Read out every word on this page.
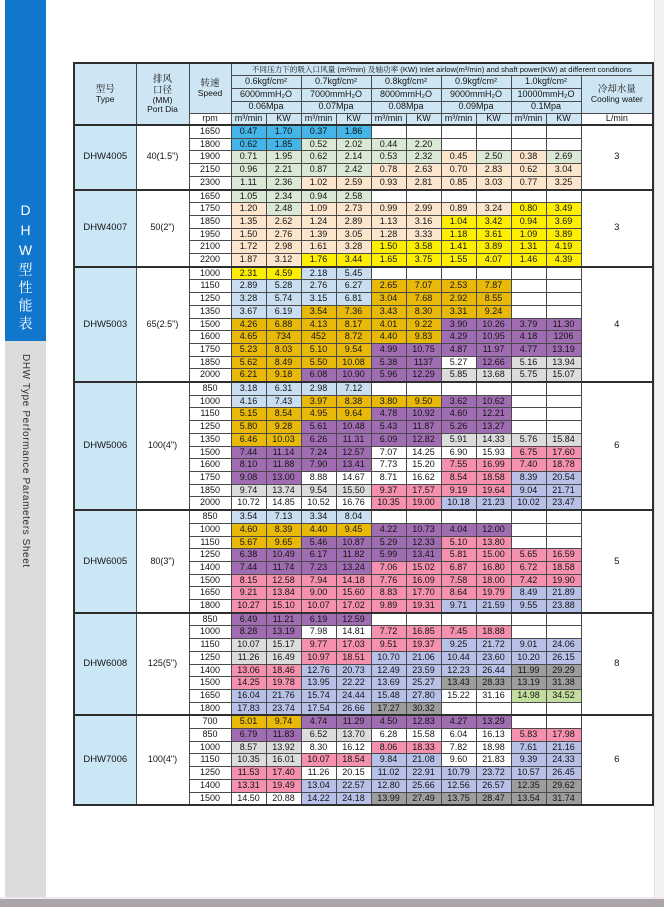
DHW型性能表
DHW Type Performance Parameters Sheet
型号
Type

排风
口径
(MM)
Port Dia

转速
Speed
	不同压力下的吸入口风量 (m³/min) 及轴功率 (KW) Inlet airlow(m³/min) and shaft power(KW) at different conditions
			0.6kgf/cm²		0.7kgf/cm²		0.8kgf/cm²		0.9kgf/cm²		1.0kgf/cm²		冷却水量
Cooling water

			6000mmH₂O		7000mmH₂O		8000mmH₂O		9000mmH₂O		10000mmH₂O		
			0.06Mpa		0.07Mpa		0.08Mpa		0.09Mpa		0.1Mpa		
		rpm	m³/min	KW	m³/min	KW	m³/min	KW	m³/min	KW	m³/min	KW	L/min
DHW4005	40(1.5")	1650	0.47	1.70	0.37	1.86							3
		1800	0.62	1.85	0.52	2.02	0.44	2.20					
		1900	0.71	1.95	0.62	2.14	0.53	2.32	0.45	2.50	0.38	2.69	
		2150	0.96	2.21	0.87	2.42	0.78	2.63	0.70	2.83	0.62	3.04	
		2300	1.11	2.36	1.02	2.59	0.93	2.81	0.85	3.03	0.77	3.25	
DHW4007	50(2")	1650	1.05	2.34	0.94	2.58							3
		1750	1.20	2.48	1.09	2.73	0.99	2.99	0.89	3.24	0.80	3.49	
		1850	1.35	2.62	1.24	2.89	1.13	3.16	1.04	3.42	0.94	3.69	
		1950	1.50	2.76	1.39	3.05	1.28	3.33	1.18	3.61	1.09	3.89	
		2100	1.72	2.98	1.61	3.28	1.50	3.58	1.41	3.89	1.31	4.19	
		2200	1.87	3.12	1.76	3.44	1.65	3.75	1.55	4.07	1.46	4.39	
DHW5003	65(2.5")	1000	2.31	4.59	2.18	5.45							4
		1150	2.89	5.28	2.76	6.27	2.65	7.07	2.53	7.87			
		1250	3.28	5.74	3.15	6.81	3.04	7.68	2.92	8.55			
		1350	3.67	6.19	3.54	7.36	3.43	8.30	3.31	9.24			
		1500	4.26	6.88	4.13	8.17	4.01	9.22	3.90	10.26	3.79	11.30	
		1600	4.65	734	452	8.72	4.40	9.83	4.29	10.95	4.18	1206	
		1750	5.23	8.03	5.10	9.54	4.99	10.75	4.87	11.97	4.77	13.19	
		1850	5.62	8.49	5.50	10.08	5.38	1137	5.27	12.66	5.16	13.94	
		2000	6.21	9.18	6.08	10.90	5.96	12.29	5.85	13.68	5.75	15.07	
DHW5006	100(4")	850	3.18	6.31	2.98	7.12							6
		1000	4.16	7.43	3.97	8.38	3.80	9.50	3.62	10.62			
		1150	5.15	8.54	4.95	9.64	4.78	10.92	4.60	12.21			
		1250	5.80	9.28	5.61	10.48	5.43	11.87	5.26	13.27			
		1350	6.46	10.03	6.26	11.31	6.09	12.82	5.91	14.33	5.76	15.84	
		1500	7.44	11.14	7.24	12.57	7.07	14.25	6.90	15.93	6.75	17.60	
		1600	8.10	11.88	7.90	13.41	7.73	15.20	7.55	16.99	7.40	18.78	
		1750	9.08	13.00	8.88	14.67	8.71	16.62	8.54	18.58	8.39	20.54	
		1850	9.74	13.74	9.54	15.50	9.37	17.57	9.19	19.64	9.04	21.71	
		2000	10.72	14.85	10.52	16.76	10.35	19.00	10.18	21.23	10.02	23.47	
DHW6005	80(3")	850	3.54	7.13	3.34	8.04							5
		1000	4.60	8.39	4.40	9.45	4.22	10.73	4.04	12.00			
		1150	5.67	9.65	5.46	10.87	5.29	12.33	5.10	13.80			
		1250	6.38	10.49	6.17	11.82	5.99	13.41	5.81	15.00	5.65	16.59	
		1400	7.44	11.74	7.23	13.24	7.06	15.02	6.87	16.80	6.72	18.58	
		1500	8.15	12.58	7.94	14.18	7.76	16.09	7.58	18.00	7.42	19.90	
		1650	9.21	13.84	9.00	15.60	8.83	17.70	8.64	19.79	8.49	21.89	
		1800	10.27	15.10	10.07	17.02	9.89	19.31	9.71	21.59	9.55	23.88	
DHW6008	125(5")	850	6.49	11.21	6.19	12.59							8
		1000	8.28	13.19	7.98	14.81	7.72	16.85	7.45	18.88			
		1150	10.07	15.17	9.77	17.03	9.51	19.37	9.25	21.72	9.01	24.06	
		1250	11.26	16.49	10.97	18.51	10.70	21.06	10.44	23.60	10.20	26.15	
		1400	13.06	18.46	12.76	20.73	12.49	23.59	12.23	26.44	11.99	29.29	
		1500	14.25	19.78	13.95	22.22	13.69	25.27	13.43	28.33	13.19	31.38	
		1650	16.04	21.76	15.74	24.44	15.48	27.80	15.22	31.16	14.98	34.52	
		1800	17.83	23.74	17.54	26.66	17.27	30.32					
DHW7006	100(4")	700	5.01	9.74	4.74	11.29	4.50	12.83	4.27	13.29			6
		850	6.79	11.83	6.52	13.70	6.28	15.58	6.04	16.13	5.83	17.98	
		1000	8.57	13.92	8.30	16.12	8.06	18.33	7.82	18.98	7.61	21.16	
		1150	10.35	16.01	10.07	18.54	9.84	21.08	9.60	21.83	9.39	24.33	
		1250	11.53	17.40	11.26	20.15	11.02	22.91	10.79	23.72	10.57	26.45	
		1400	13.31	19.49	13.04	22.57	12.80	25.66	12.56	26.57	12.35	29.62	
		1500	14.50	20.88	14.22	24.18	13.99	27.49	13.75	28.47	13.54	31.74	
